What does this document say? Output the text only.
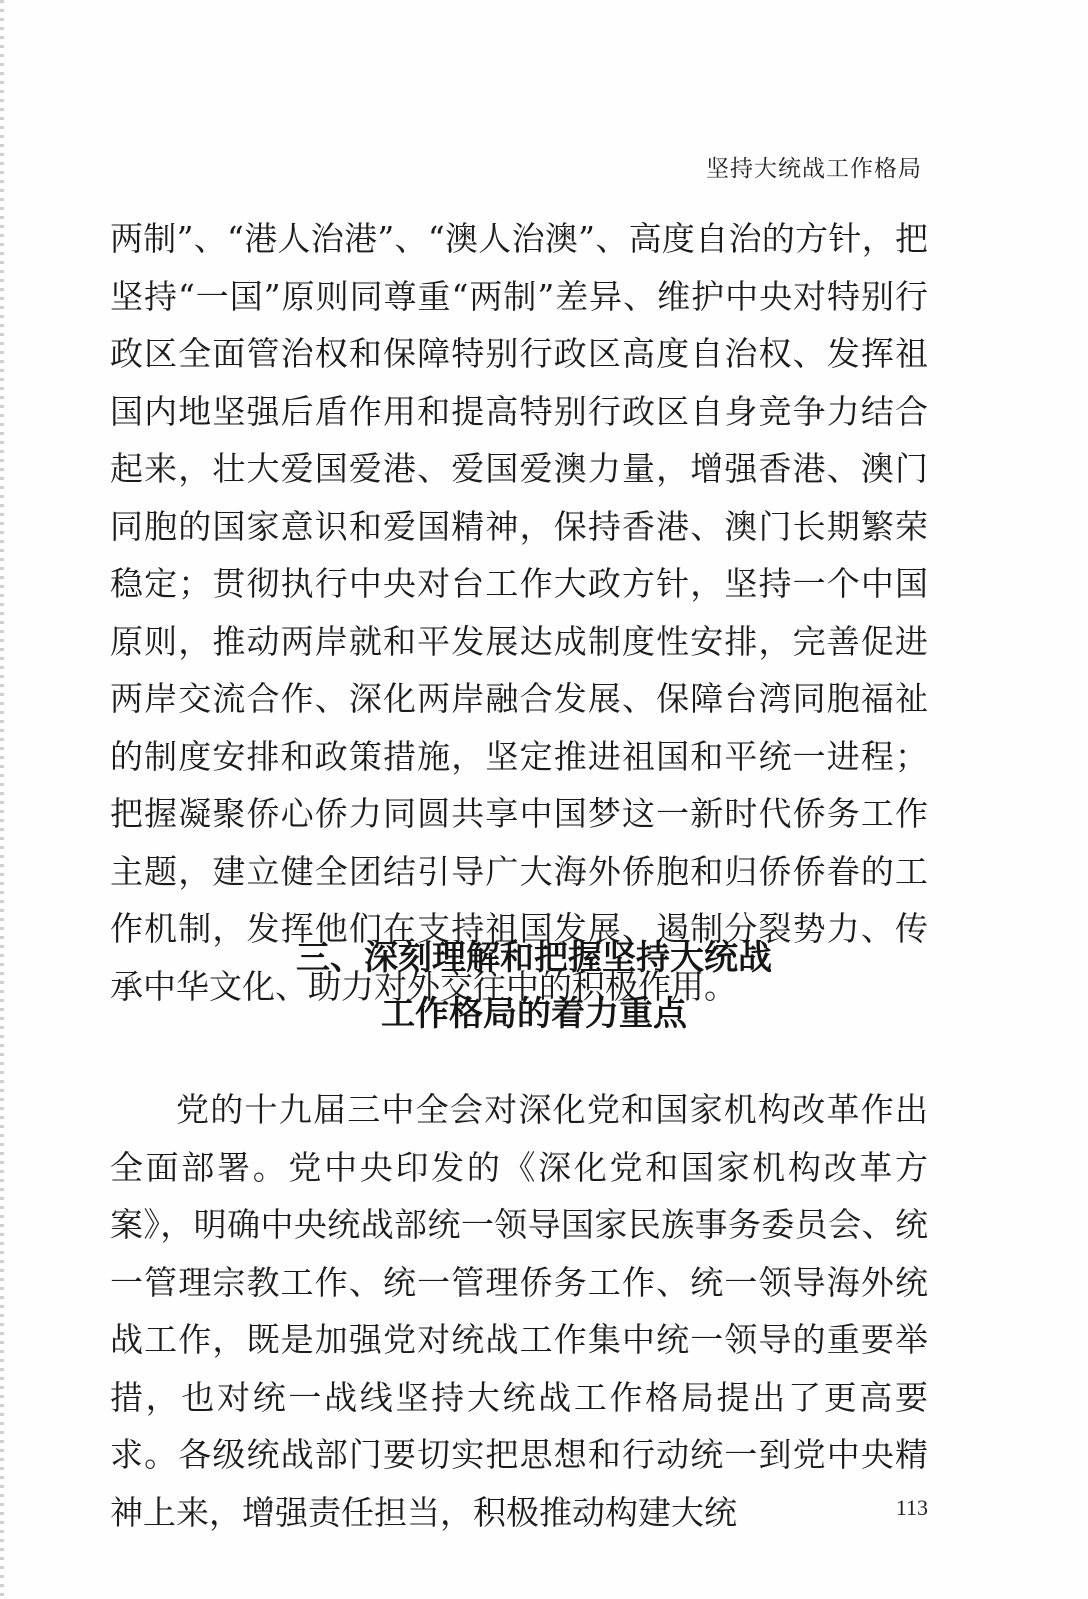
坚持大统战工作格局

两制”、“港人治港”、“澳人治澳”、高度自治的方针，把坚持“一国”原则同尊重“两制”差异、维护中央对特别行政区全面管治权和保障特别行政区高度自治权、发挥祖国内地坚强后盾作用和提高特别行政区自身竞争力结合起来，壮大爱国爱港、爱国爱澳力量，增强香港、澳门同胞的国家意识和爱国精神，保持香港、澳门长期繁荣稳定；贯彻执行中央对台工作大政方针，坚持一个中国原则，推动两岸就和平发展达成制度性安排，完善促进两岸交流合作、深化两岸融合发展、保障台湾同胞福祉的制度安排和政策措施，坚定推进祖国和平统一进程；把握凝聚侨心侨力同圆共享中国梦这一新时代侨务工作主题，建立健全团结引导广大海外侨胞和归侨侨眷的工作机制，发挥他们在支持祖国发展、遏制分裂势力、传承中华文化、助力对外交往中的积极作用。

三、深刻理解和把握坚持大统战
工作格局的着力重点

党的十九届三中全会对深化党和国家机构改革作出全面部署。党中央印发的《深化党和国家机构改革方案》，明确中央统战部统一领导国家民族事务委员会、统一管理宗教工作、统一管理侨务工作、统一领导海外统战工作，既是加强党对统战工作集中统一领导的重要举措，也对统一战线坚持大统战工作格局提出了更高要求。各级统战部门要切实把思想和行动统一到党中央精神上来，增强责任担当，积极推动构建大统	113
